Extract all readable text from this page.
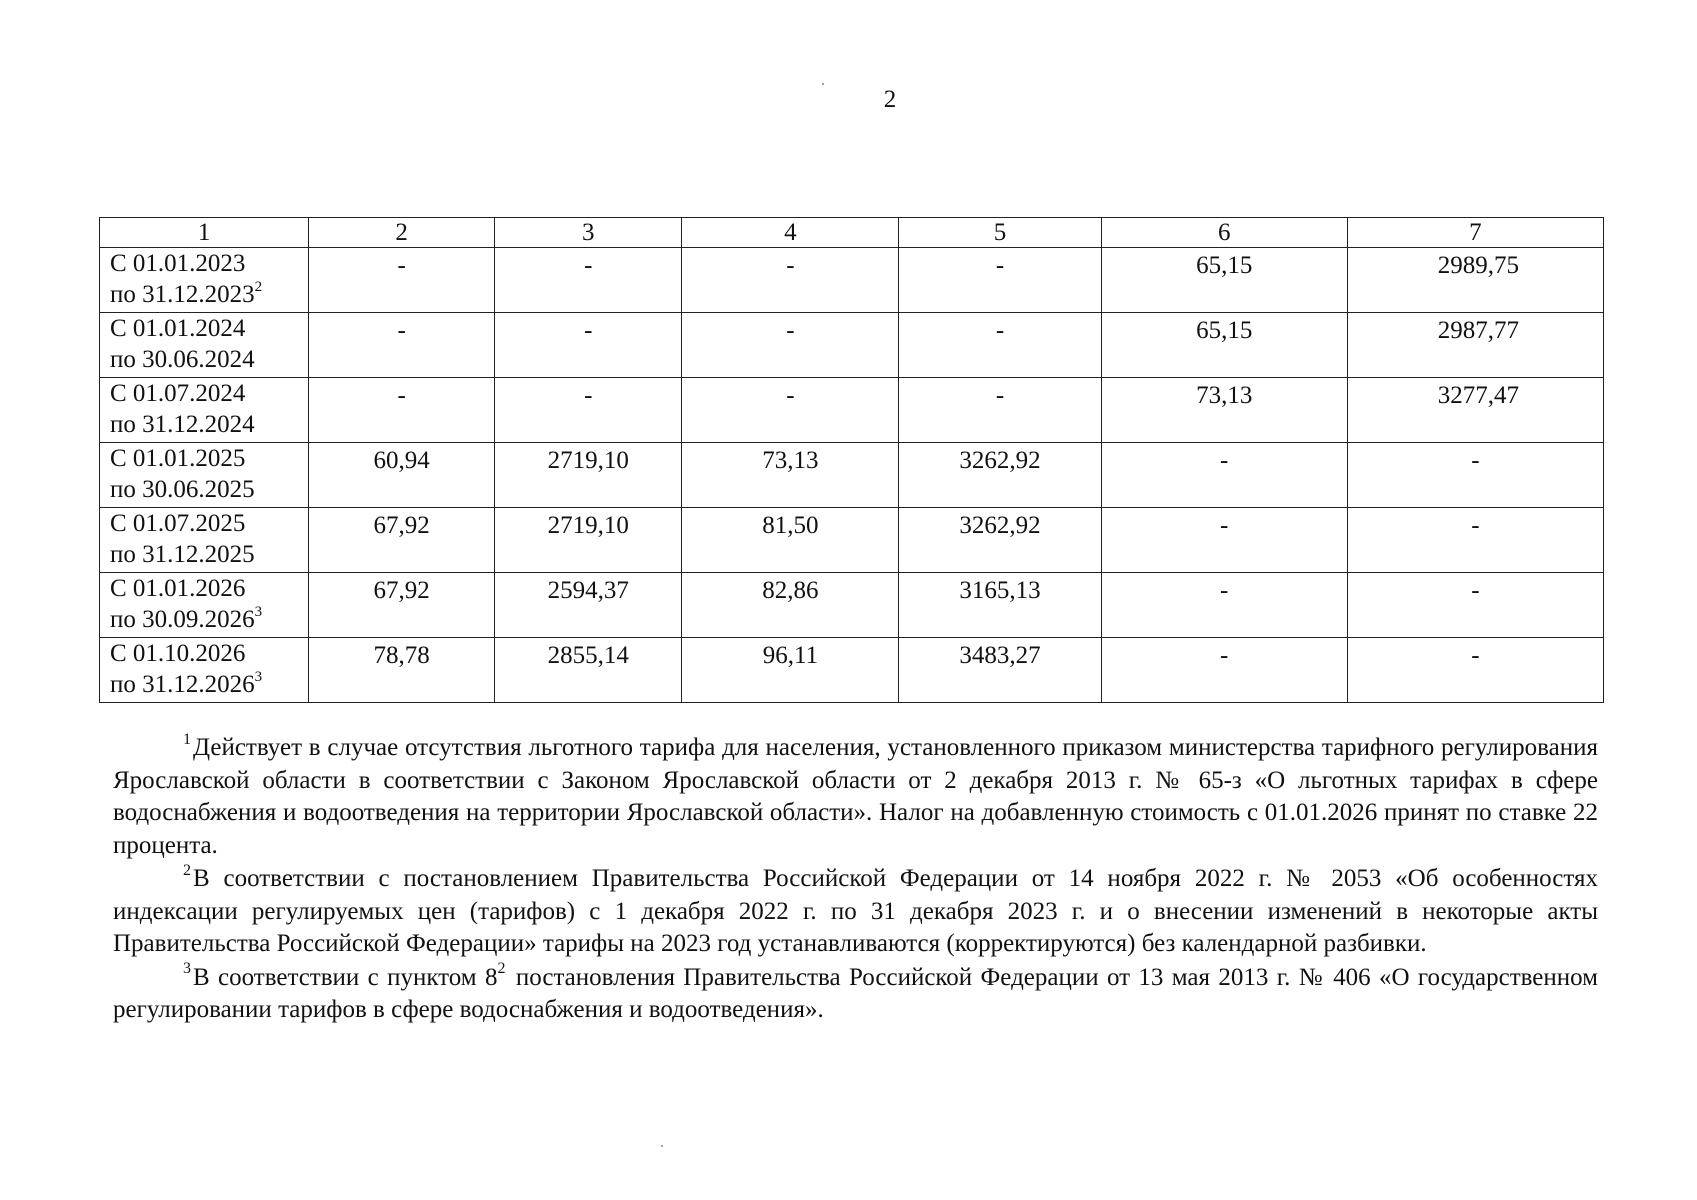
2
1	2	3	4	5	6	7

С 01.01.2023
по 31.12.2023$^2$	-	-	-	-	65,15	2989,75

С 01.01.2024
по 30.06.2024	-	-	-	-	65,15	2987,77

С 01.07.2024
по 31.12.2024	-	-	-	-	73,13	3277,47

С 01.01.2025
по 30.06.2025	60,94	2719,10	73,13	3262,92	-	-

С 01.07.2025
по 31.12.2025	67,92	2719,10	81,50	3262,92	-	-

С 01.01.2026
по 30.09.2026$^3$	67,92	2594,37	82,86	3165,13	-	-

С 01.10.2026
по 31.12.2026$^3$	78,78	2855,14	96,11	3483,27	-	-

$^1$Действует в случае отсутствия льготного тарифа для населения, установленного приказом министерства тарифного регулирования Ярославской области в соответствии с Законом Ярославской области от 2 декабря 2013 г. № 65-з «О льготных тарифах в сфере водоснабжения и водоотведения на территории Ярославской области». Налог на добавленную стоимость с 01.01.2026 принят по ставке 22 процента.

$^2$В соответствии с постановлением Правительства Российской Федерации от 14 ноября 2022 г. № 2053 «Об особенностях индексации регулируемых цен (тарифов) с 1 декабря 2022 г. по 31 декабря 2023 г. и о внесении изменений в некоторые акты Правительства Российской Федерации» тарифы на 2023 год устанавливаются (корректируются) без календарной разбивки.

$^3$В соответствии с пунктом $8^2$ постановления Правительства Российской Федерации от 13 мая 2013 г. № 406 «О государственном регулировании тарифов в сфере водоснабжения и водоотведения».
